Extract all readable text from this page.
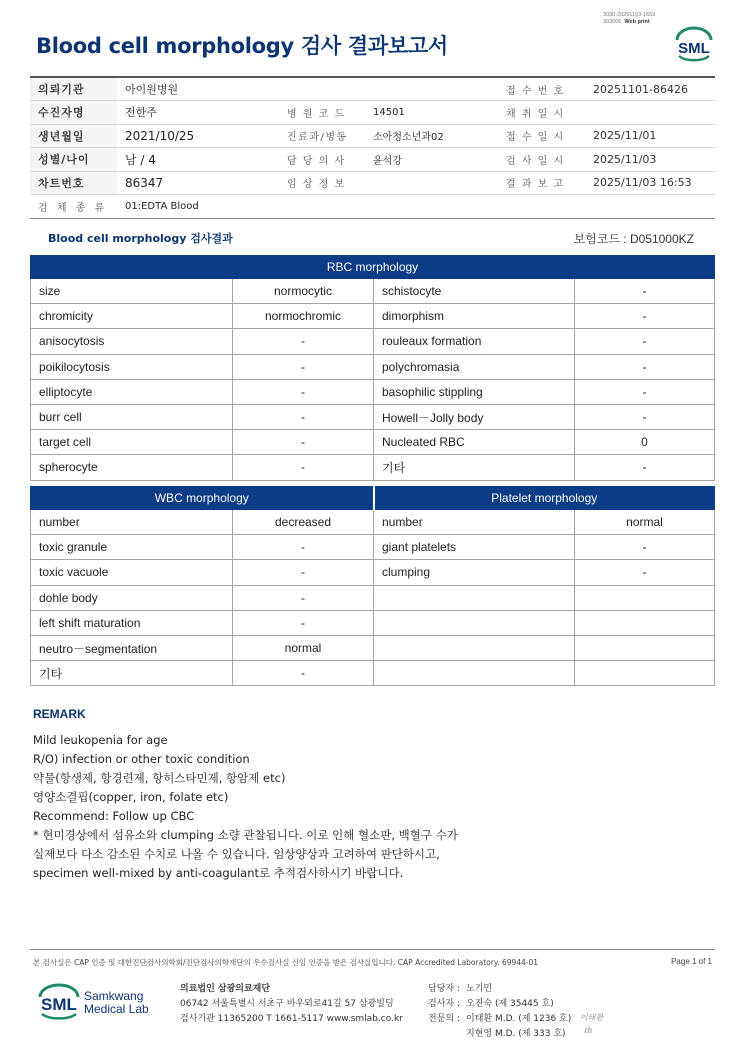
3030-20251103-1659
303006 Web print
Blood cell morphology 검사 결과보고서	SML
의뢰기관	아이원병원			접 수 번 호	20251101-86426
수진자명	전한주	병 원 코 드	14501	채 취 일 시	
생년월일	2021/10/25	진료과/병동	소아청소년과02	접 수 일 시	2025/11/01
성별/나이	남 / 4	담 당 의 사	윤석강	검 사 일 시	2025/11/03
차트번호	86347	임 상 정 보		결 과 보 고	2025/11/03 16:53
검 체 종 류	01:EDTA Blood				
Blood cell morphology 검사결과	보험코드 : D051000KZ
RBC morphology			
size	normocytic	schistocyte	-
chromicity	normochromic	dimorphism	-
anisocytosis	-	rouleaux formation	-
poikilocytosis	-	polychromasia	-
elliptocyte	-	basophilic stippling	-
burr cell	-	Howell－Jolly body	-
target cell	-	Nucleated RBC	0
spherocyte	-	기타	-
WBC morphology		Platelet morphology	
number	decreased	number	normal
toxic granule	-	giant platelets	-
toxic vacuole	-	clumping	-
dohle body	-		
left shift maturation	-		
neutro－segmentation	normal		
기타	-		
REMARK
Mild leukopenia for age
R/O) infection or other toxic condition
약물(항생제, 항경련제, 항히스타민제, 항암제 etc)
영양소결핍(copper, iron, folate etc)
Recommend: Follow up CBC
* 현미경상에서 섬유소와 clumping 소량 관찰됩니다. 이로 인해 혈소판, 백혈구 수가
실제보다 다소 감소된 수치로 나올 수 있습니다. 임상양상과 고려하여 판단하시고,
specimen well-mixed by anti-coagulant로 추적검사하시기 바랍니다.
본 검사실은 CAP 인증 및 대한진단검사의학회/진단검사의학재단의 우수검사실 신임 인증을 받은 검사실입니다. CAP Accredited Laboratory. 69944-01	Page 1 of 1
SML Samkwang
Medical Lab
의료법인 삼광의료재단
06742 서울특별시 서초구 바우뫼로41길 57 삼광빌딩
검사기관 11365200 T 1661-5117 www.smlab.co.kr
담당자 : 노기민
검사자 : 오진숙 (제 35445 호)
전문의 : 이태환 M.D. (제 1236 호)
지현영 M.D. (제 333 호)
이태환
ℓh
